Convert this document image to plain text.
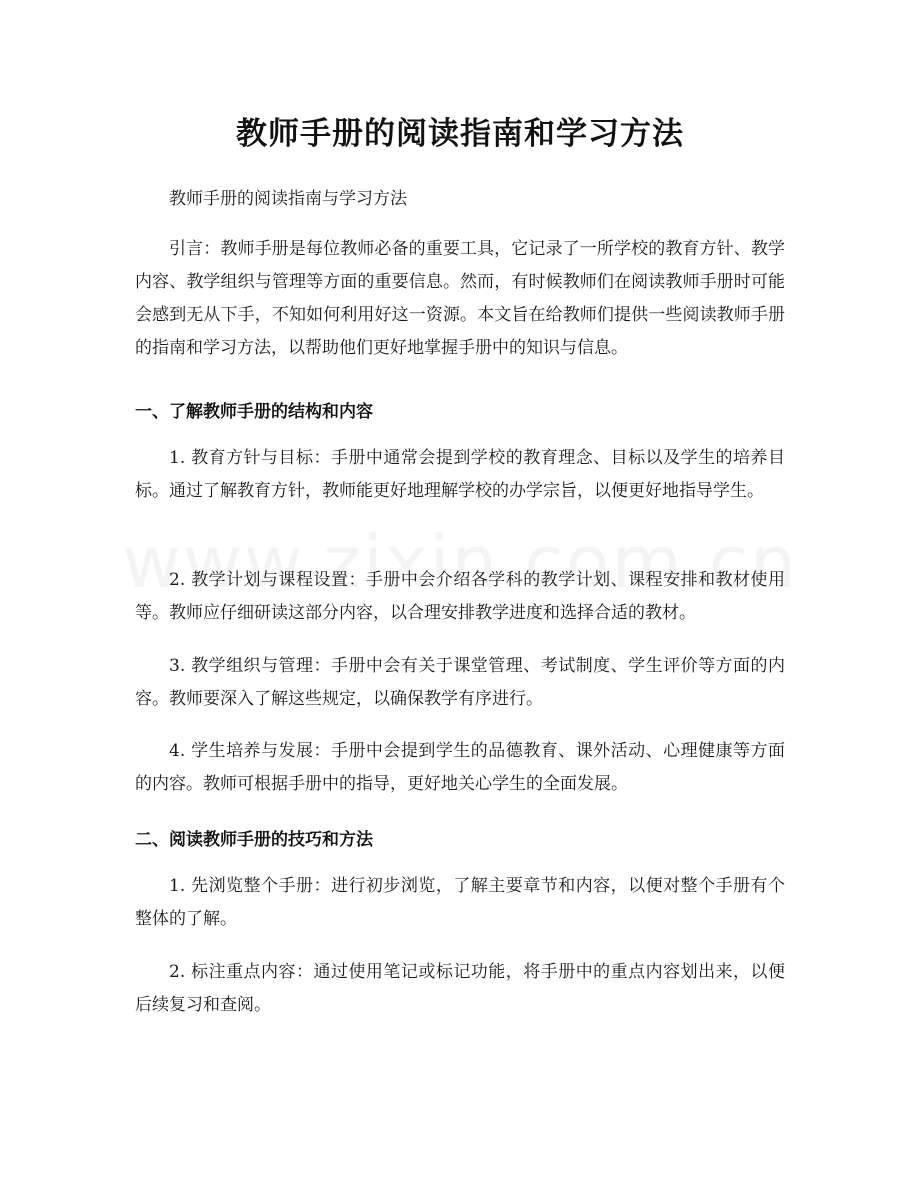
教师手册的阅读指南和学习方法

教师手册的阅读指南与学习方法

引言：教师手册是每位教师必备的重要工具，它记录了一所学校的教育方针、教学内容、教学组织与管理等方面的重要信息。然而，有时候教师们在阅读教师手册时可能会感到无从下手，不知如何利用好这一资源。本文旨在给教师们提供一些阅读教师手册的指南和学习方法，以帮助他们更好地掌握手册中的知识与信息。

一、了解教师手册的结构和内容

1. 教育方针与目标：手册中通常会提到学校的教育理念、目标以及学生的培养目标。通过了解教育方针，教师能更好地理解学校的办学宗旨，以便更好地指导学生。

2. 教学计划与课程设置：手册中会介绍各学科的教学计划、课程安排和教材使用等。教师应仔细研读这部分内容，以合理安排教学进度和选择合适的教材。

3. 教学组织与管理：手册中会有关于课堂管理、考试制度、学生评价等方面的内容。教师要深入了解这些规定，以确保教学有序进行。

4. 学生培养与发展：手册中会提到学生的品德教育、课外活动、心理健康等方面的内容。教师可根据手册中的指导，更好地关心学生的全面发展。

二、阅读教师手册的技巧和方法

1. 先浏览整个手册：进行初步浏览，了解主要章节和内容，以便对整个手册有个整体的了解。

2. 标注重点内容：通过使用笔记或标记功能，将手册中的重点内容划出来，以便后续复习和查阅。
